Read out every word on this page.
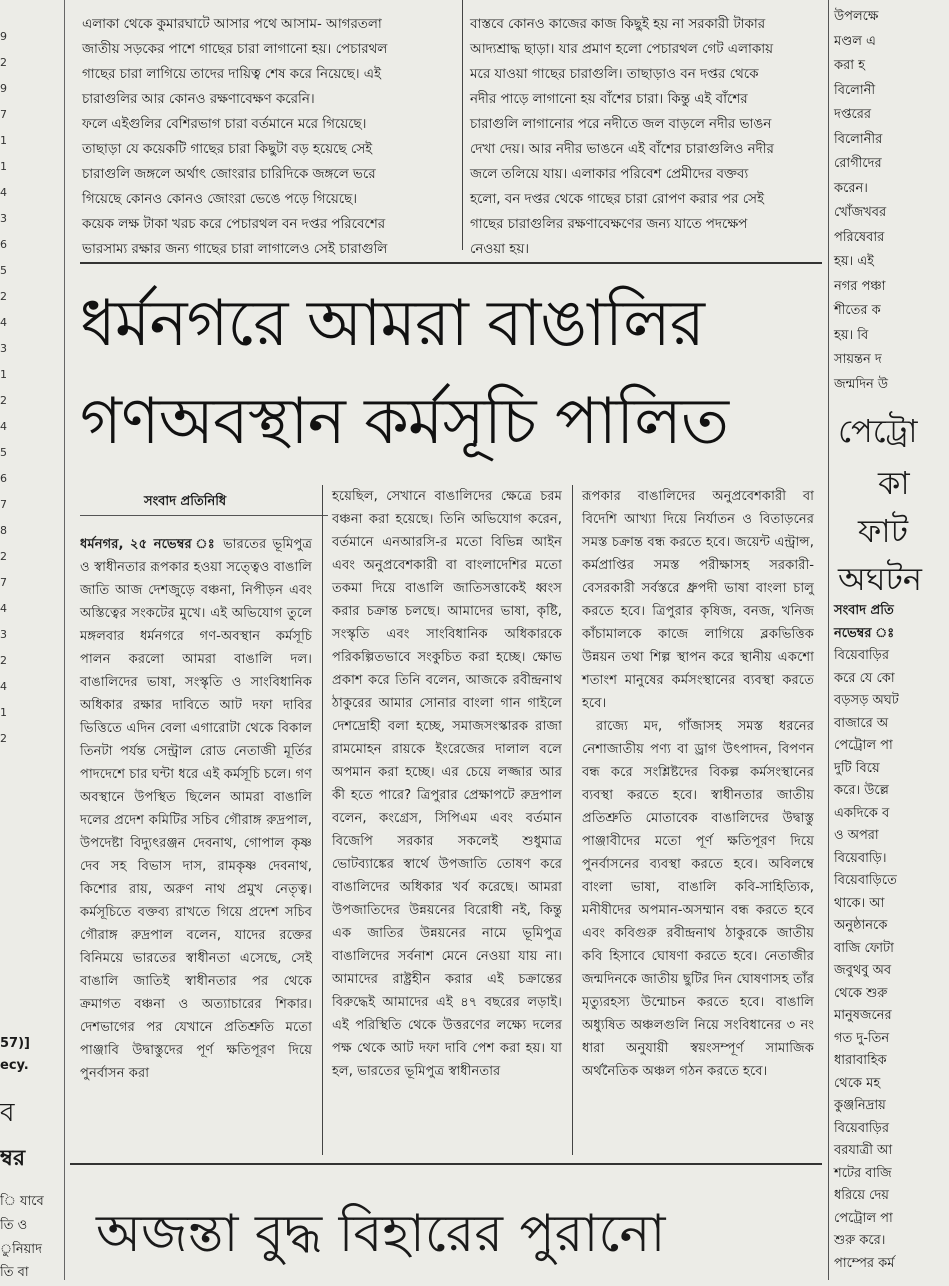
9
2
9
7
1
1
4
3
6
5
2
4
3
1
2
4
5
6
7
8
2
7
4
3
2
4
1
2
57)]
ecy.
ব
ম্বর
ি যাবে
তি ও
ুনিয়াদ
তি বা
এলাকা থেকে কুমারঘাটে আসার পথে আসাম- আগরতলা
জাতীয় সড়কের পাশে গাছের চারা লাগানো হয়। পেচারথল
গাছের চারা লাগিয়ে তাদের দায়িত্ব শেষ করে নিয়েছে। এই
চারাগুলির আর কোনও রক্ষণাবেক্ষণ করেনি।
ফলে এইগুলির বেশিরভাগ চারা বর্তমানে মরে গিয়েছে।
তাছাড়া যে কয়েকটি গাছের চারা কিছুটা বড় হয়েছে সেই
চারাগুলি জঙ্গলে অর্থাৎ জোংরার চারিদিকে জঙ্গলে ভরে
গিয়েছে কোনও কোনও জোংরা ভেঙে পড়ে গিয়েছে।
কয়েক লক্ষ টাকা খরচ করে পেচারথল বন দপ্তর পরিবেশের
ভারসাম্য রক্ষার জন্য গাছের চারা লাগালেও সেই চারাগুলি
বাস্তবে কোনও কাজের কাজ কিছুই হয় না সরকারী টাকার
আদ্যশ্রাদ্ধ ছাড়া। যার প্রমাণ হলো পেচারথল গেট এলাকায়
মরে যাওয়া গাছের চারাগুলি। তাছাড়াও বন দপ্তর থেকে
নদীর পাড়ে লাগানো হয় বাঁশের চারা। কিন্তু এই বাঁশের
চারাগুলি লাগানোর পরে নদীতে জল বাড়লে নদীর ভাঙন
দেখা দেয়। আর নদীর ভাঙনে এই বাঁশের চারাগুলিও নদীর
জলে তলিয়ে যায়। এলাকার পরিবেশ প্রেমীদের বক্তব্য
হলো, বন দপ্তর থেকে গাছের চারা রোপণ করার পর সেই
গাছের চারাগুলির রক্ষণাবেক্ষণের জন্য যাতে পদক্ষেপ
নেওয়া হয়।
ধর্মনগরে আমরা বাঙালির
গণঅবস্থান কর্মসূচি পালিত
সংবাদ প্রতিনিধি
ধর্মনগর, ২৫ নভেম্বর ঃ ভারতের ভূমিপুত্র ও স্বাধীনতার রূপকার হওয়া সত্ত্বেও বাঙালি জাতি আজ দেশজুড়ে বঞ্চনা, নিপীড়ন এবং অস্তিত্বের সংকটের মুখে। এই অভিযোগ তুলে মঙ্গলবার ধর্মনগরে গণ-অবস্থান কর্মসূচি পালন করলো আমরা বাঙালি দল। বাঙালিদের ভাষা, সংস্কৃতি ও সাংবিধানিক অধিকার রক্ষার দাবিতে আট দফা দাবির ভিত্তিতে এদিন বেলা এগারোটা থেকে বিকাল তিনটা পর্যন্ত সেন্ট্রাল রোড নেতাজী মূর্তির পাদদেশে চার ঘন্টা ধরে এই কর্মসূচি চলে। গণ অবস্থানে উপস্থিত ছিলেন আমরা বাঙালি দলের প্রদেশ কমিটির সচিব গৌরাঙ্গ রুদ্রপাল, উপদেষ্টা বিদ্যুৎরঞ্জন দেবনাথ, গোপাল কৃষ্ণ দেব সহ বিভাস দাস, রামকৃষ্ণ দেবনাথ, কিশোর রায়, অরুণ নাথ প্রমুখ নেতৃত্ব। কর্মসূচিতে বক্তব্য রাখতে গিয়ে প্রদেশ সচিব গৌরাঙ্গ রুদ্রপাল বলেন, যাদের রক্তের বিনিময়ে ভারতের স্বাধীনতা এসেছে, সেই বাঙালি জাতিই স্বাধীনতার পর থেকে ক্রমাগত বঞ্চনা ও অত্যাচারের শিকার। দেশভাগের পর যেখানে প্রতিশ্রুতি মতো পাঞ্জাবি উদ্বাস্তুদের পূর্ণ ক্ষতিপূরণ দিয়ে পুনর্বাসন করা
হয়েছিল, সেখানে বাঙালিদের ক্ষেত্রে চরম বঞ্চনা করা হয়েছে। তিনি অভিযোগ করেন, বর্তমানে এনআরসি-র মতো বিভিন্ন আইন এবং অনুপ্রবেশকারী বা বাংলাদেশির মতো তকমা দিয়ে বাঙালি জাতিসত্তাকেই ধ্বংস করার চক্রান্ত চলছে। আমাদের ভাষা, কৃষ্টি, সংস্কৃতি এবং সাংবিধানিক অধিকারকে পরিকল্পিতভাবে সংকুচিত করা হচ্ছে। ক্ষোভ প্রকাশ করে তিনি বলেন, আজকে রবীন্দ্রনাথ ঠাকুরের আমার সোনার বাংলা গান গাইলে দেশদ্রোহী বলা হচ্ছে, সমাজসংস্কারক রাজা রামমোহন রায়কে ইংরেজের দালাল বলে অপমান করা হচ্ছে। এর চেয়ে লজ্জার আর কী হতে পারে? ত্রিপুরার প্রেক্ষাপটে রুদ্রপাল বলেন, কংগ্রেস, সিপিএম এবং বর্তমান বিজেপি সরকার সকলেই শুধুমাত্র ভোটব্যাঙ্কের স্বার্থে উপজাতি তোষণ করে বাঙালিদের অধিকার খর্ব করেছে। আমরা উপজাতিদের উন্নয়নের বিরোধী নই, কিন্তু এক জাতির উন্নয়নের নামে ভূমিপুত্র বাঙালিদের সর্বনাশ মেনে নেওয়া যায় না। আমাদের রাষ্ট্রহীন করার এই চক্রান্তের বিরুদ্ধেই আমাদের এই ৪৭ বছরের লড়াই। এই পরিস্থিতি থেকে উত্তরণের লক্ষ্যে দলের পক্ষ থেকে আট দফা দাবি পেশ করা হয়। যা হল, ভারতের ভূমিপুত্র স্বাধীনতার

রূপকার বাঙালিদের অনুপ্রবেশকারী বা বিদেশি আখ্যা দিয়ে নির্যাতন ও বিতাড়নের সমস্ত চক্রান্ত বন্ধ করতে হবে। জয়েন্ট এন্ট্রান্স, কর্মপ্রাপ্তির সমস্ত পরীক্ষাসহ সরকারী-বেসরকারী সর্বস্তরে ধ্রুপদী ভাষা বাংলা চালু করতে হবে। ত্রিপুরার কৃষিজ, বনজ, খনিজ কাঁচামালকে কাজে লাগিয়ে ব্লকভিত্তিক উন্নয়ন তথা শিল্প স্থাপন করে স্থানীয় একশো শতাংশ মানুষের কর্মসংস্থানের ব্যবস্থা করতে হবে।

রাজ্যে মদ, গাঁজাসহ সমস্ত ধরনের নেশাজাতীয় পণ্য বা ড্রাগ উৎপাদন, বিপণন বন্ধ করে সংশ্লিষ্টদের বিকল্প কর্মসংস্থানের ব্যবস্থা করতে হবে। স্বাধীনতার জাতীয় প্রতিশ্রুতি মোতাবেক বাঙালিদের উদ্বাস্তু পাঞ্জাবীদের মতো পূর্ণ ক্ষতিপূরণ দিয়ে পুনর্বাসনের ব্যবস্থা করতে হবে। অবিলম্বে বাংলা ভাষা, বাঙালি কবি-সাহিত্যিক, মনীষীদের অপমান-অসম্মান বন্ধ করতে হবে এবং কবিগুরু রবীন্দ্রনাথ ঠাকুরকে জাতীয় কবি হিসাবে ঘোষণা করতে হবে। নেতাজীর জন্মদিনকে জাতীয় ছুটির দিন ঘোষণাসহ তাঁর মৃত্যুরহস্য উন্মোচন করতে হবে। বাঙালি অধ্যুষিত অঞ্চলগুলি নিয়ে সংবিধানের ৩ নং ধারা অনুযায়ী স্বয়ংসম্পূর্ণ সামাজিক অর্থনৈতিক অঞ্চল গঠন করতে হবে।

অজন্তা বুদ্ধ বিহারের পুরানো
উপলক্ষে
মণ্ডল এ
করা হ
বিলোনী
দপ্তরের
বিলোনীর
রোগীদের
করেন।
খোঁজখবর
পরিষেবার
হয়। এই
নগর পঞ্চা
শীতের ক
হয়। বি
সায়ন্তন দ
জন্মদিন উ
পেট্রো
কা
ফাট
অঘটন
সংবাদ প্রতি
নভেম্বর ঃ
বিয়েবাড়ির
করে যে কো
বড়সড় অঘট
বাজারে অ
পেট্রোল পা
দুটি বিয়ে
করে। উল্লে
একদিকে ব
ও অপরা
বিয়েবাড়ি।
বিয়েবাড়িতে
থাকে। আ
অনুষ্ঠানকে
বাজি ফোটা
জবুথবু অব
থেকে শুরু
মানুষজনের
গত দু-তিন
ধারাবাহিক
থেকে মহ
কুঞ্জনিদ্রায়
বিয়েবাড়ির
বরযাত্রী আ
শটের বাজি
ধরিয়ে দেয়
পেট্রোল পা
শুরু করে।
পাম্পের কর্ম
